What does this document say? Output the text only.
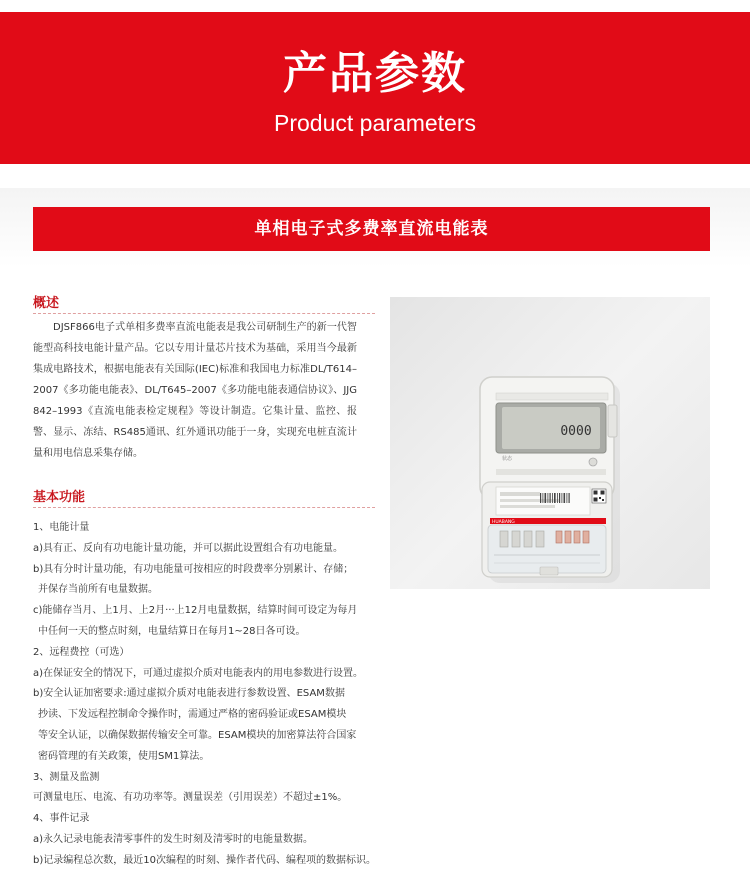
产品参数
Product parameters
单相电子式多费率直流电能表
概述

DJSF866电子式单相多费率直流电能表是我公司研制生产的新一代智能型高科技电能计量产品。它以专用计量芯片技术为基础，采用当今最新集成电路技术，根据电能表有关国际(IEC)标准和我国电力标准DL/T614–2007《多功能电能表》、DL/T645–2007《多功能电能表通信协议》、JJG 842–1993《直流电能表检定规程》等设计制造。它集计量、监控、报警、显示、冻结、RS485通讯、红外通讯功能于一身，实现充电桩直流计量和用电信息采集存储。

基本功能
1、电能计量
a)具有正、反向有功电能计量功能，并可以据此设置组合有功电能量。
b)具有分时计量功能，有功电能量可按相应的时段费率分别累计、存储；
并保存当前所有电量数据。
c)能储存当月、上1月、上2月···上12月电量数据，结算时间可设定为每月
中任何一天的整点时刻，电量结算日在每月1~28日各可设。
2、远程费控（可选）
a)在保证安全的情况下，可通过虚拟介质对电能表内的用电参数进行设置。
b)安全认证加密要求:通过虚拟介质对电能表进行参数设置、ESAM数据
抄读、下发远程控制命令操作时，需通过严格的密码验证或ESAM模块
等安全认证，以确保数据传输安全可靠。ESAM模块的加密算法符合国家
密码管理的有关政策，使用SM1算法。
3、测量及监测
可测量电压、电流、有功功率等。测量误差（引用误差）不超过±1%。
4、事件记录
a)永久记录电能表清零事件的发生时刻及清零时的电能量数据。
b)记录编程总次数，最近10次编程的时刻、操作者代码、编程项的数据标识。
0000
状态
HUABANG
